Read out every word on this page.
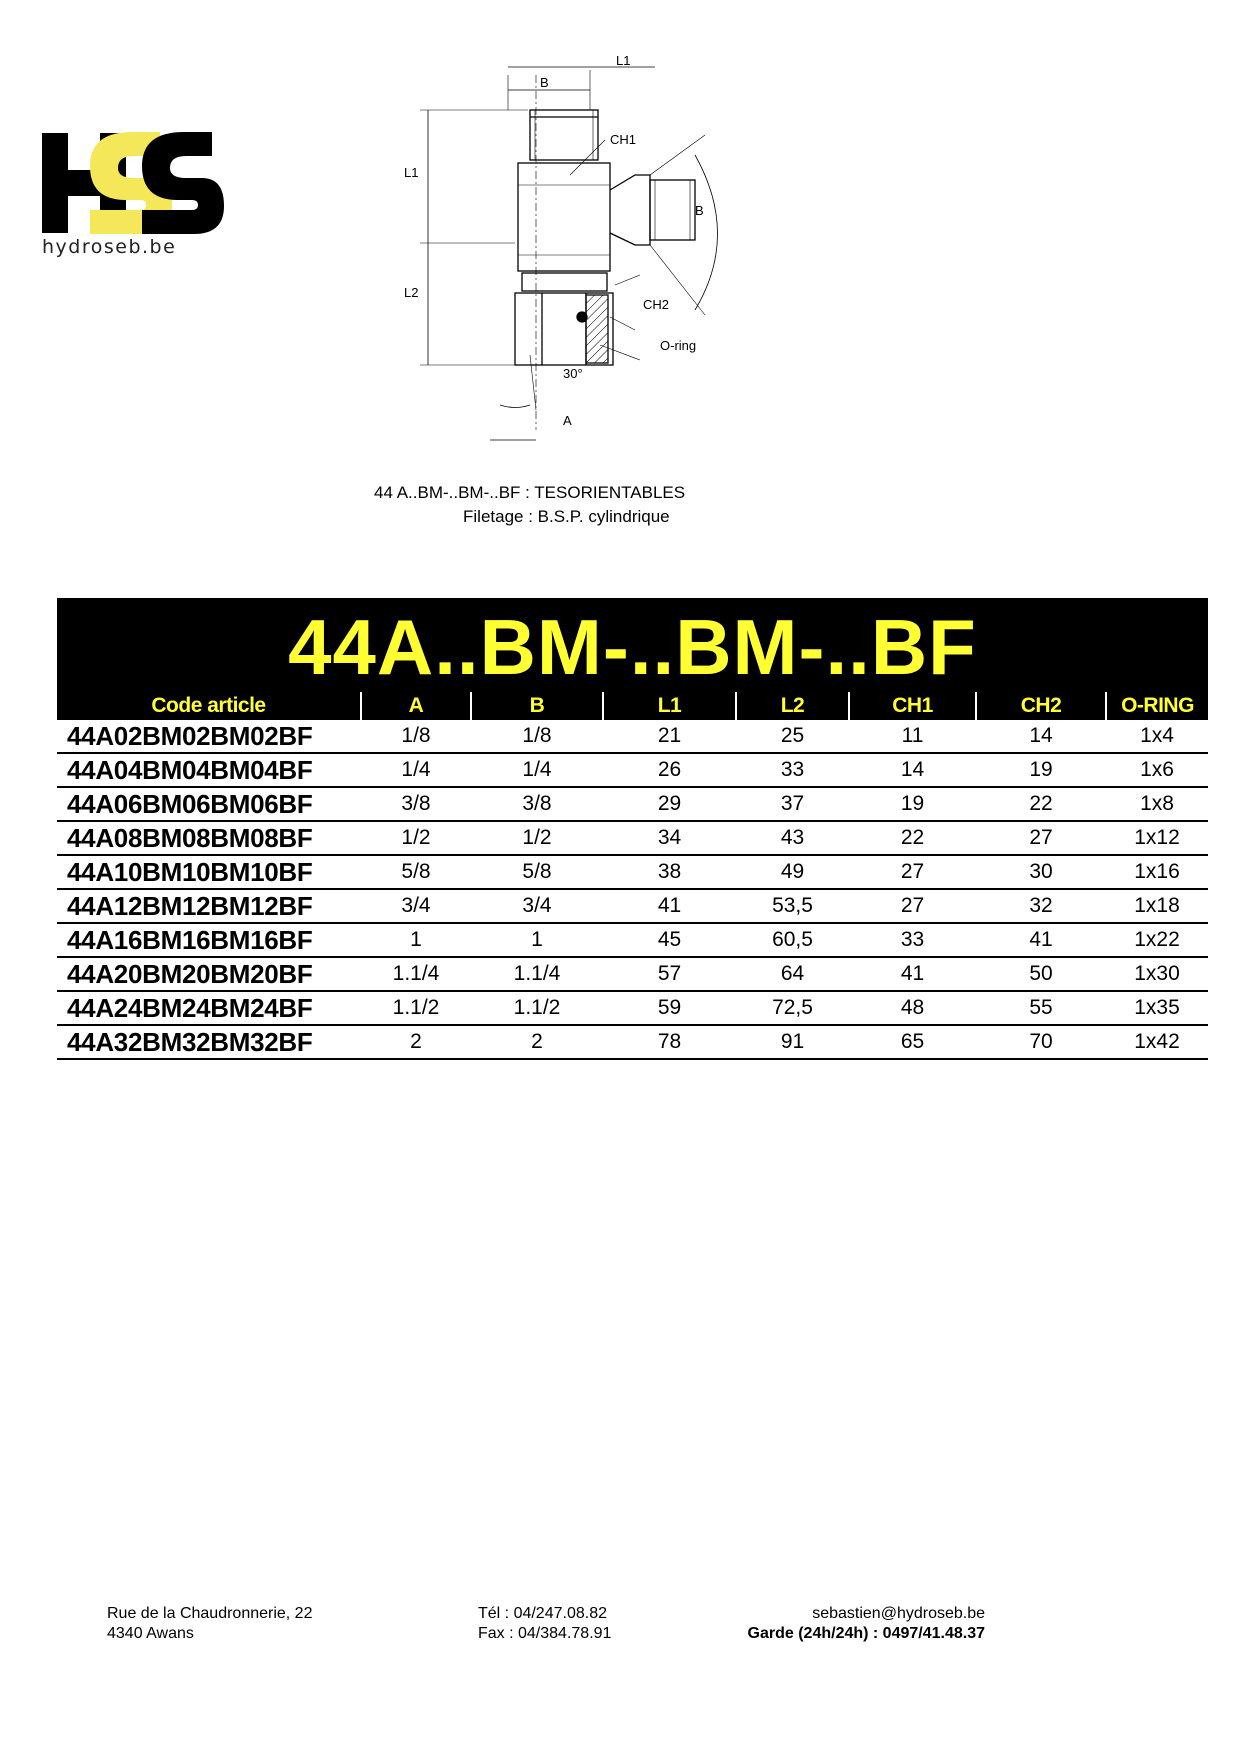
hydroseb.be
L1
B
L1
L2
CH1
B
CH2
O-ring
30°
A
44 A..BM-..BM-..BF : TESORIENTABLES
Filetage : B.S.P. cylindrique
44A..BM-..BM-..BF
Code article	A	B	L1	L2	CH1	CH2	O-RING
44A02BM02BM02BF	1/8	1/8	21	25	11	14	1x4
44A04BM04BM04BF	1/4	1/4	26	33	14	19	1x6
44A06BM06BM06BF	3/8	3/8	29	37	19	22	1x8
44A08BM08BM08BF	1/2	1/2	34	43	22	27	1x12
44A10BM10BM10BF	5/8	5/8	38	49	27	30	1x16
44A12BM12BM12BF	3/4	3/4	41	53,5	27	32	1x18
44A16BM16BM16BF	1	1	45	60,5	33	41	1x22
44A20BM20BM20BF	1.1/4	1.1/4	57	64	41	50	1x30
44A24BM24BM24BF	1.1/2	1.1/2	59	72,5	48	55	1x35
44A32BM32BM32BF	2	2	78	91	65	70	1x42
Rue de la Chaudronnerie, 22
4340 Awans
Tél : 04/247.08.82
Fax : 04/384.78.91
sebastien@hydroseb.be
Garde (24h/24h) : 0497/41.48.37
